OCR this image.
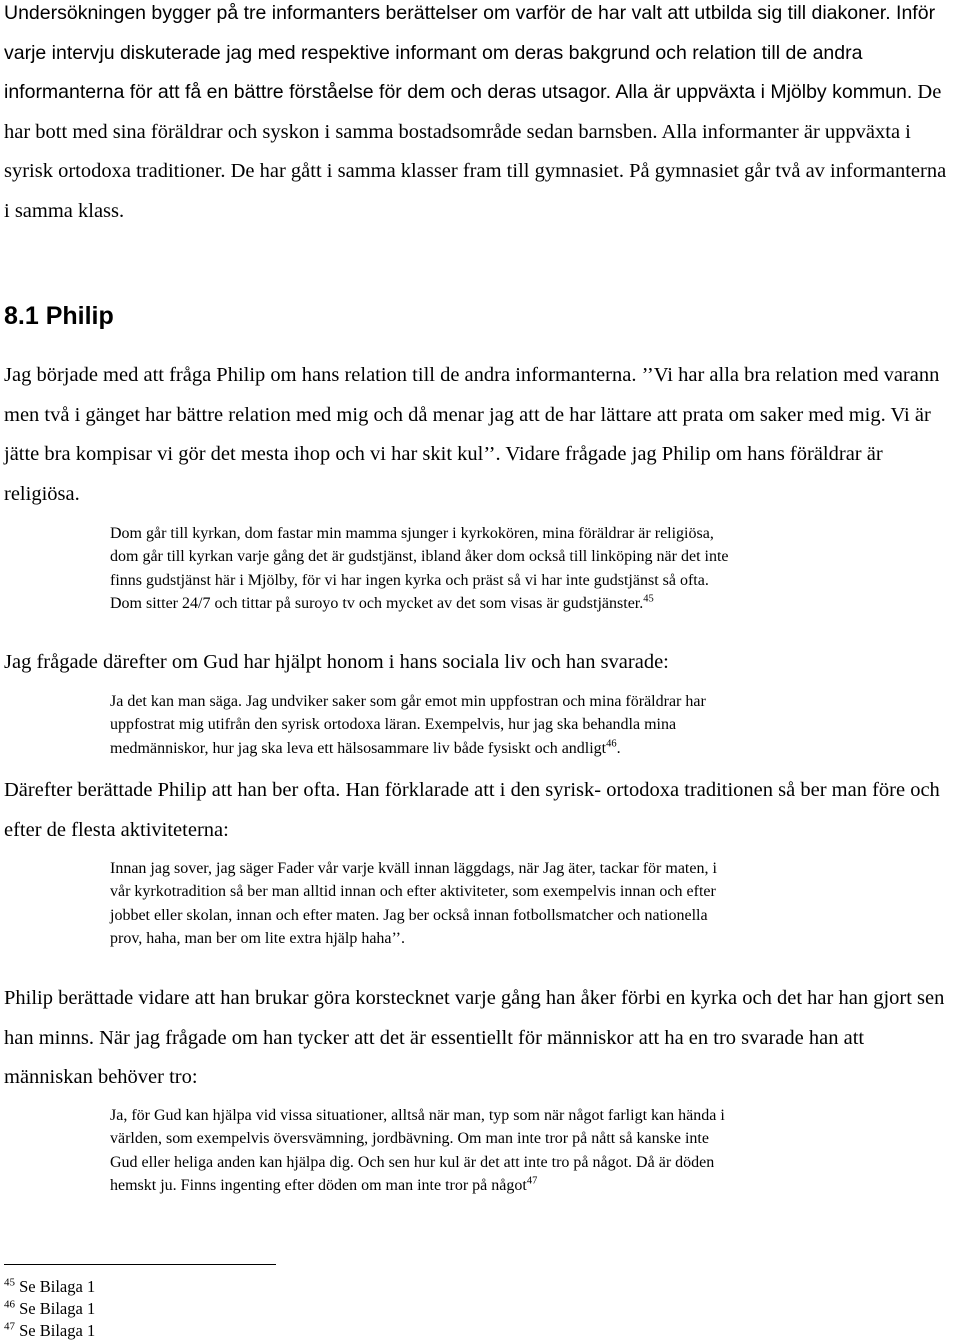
Undersökningen bygger på tre informanters berättelser om varför de har valt att utbilda sig till diakoner. Inför varje intervju diskuterade jag med respektive informant om deras bakgrund och relation till de andra informanterna för att få en bättre förståelse för dem och deras utsagor. Alla är uppväxta i Mjölby kommun. De har bott med sina föräldrar och syskon i samma bostadsområde sedan barnsben. Alla informanter är uppväxta i syrisk ortodoxa traditioner. De har gått i samma klasser fram till gymnasiet. På gymnasiet går två av informanterna i samma klass.

8.1 Philip

Jag började med att fråga Philip om hans relation till de andra informanterna. ’’Vi har alla bra relation med varann men två i gänget har bättre relation med mig och då menar jag att de har lättare att prata om saker med mig. Vi är jätte bra kompisar vi gör det mesta ihop och vi har skit kul’’. Vidare frågade jag Philip om hans föräldrar är religiösa.

Dom går till kyrkan, dom fastar min mamma sjunger i kyrkokören, mina föräldrar är religiösa,
dom går till kyrkan varje gång det är gudstjänst, ibland åker dom också till linköping när det inte
finns gudstjänst här i Mjölby, för vi har ingen kyrka och präst så vi har inte gudstjänst så ofta.
Dom sitter 24/7 och tittar på suroyo tv och mycket av det som visas är gudstjänster.$^{45}$

Jag frågade därefter om Gud har hjälpt honom i hans sociala liv och han svarade:

Ja det kan man säga. Jag undviker saker som går emot min uppfostran och mina föräldrar har
uppfostrat mig utifrån den syrisk ortodoxa läran. Exempelvis, hur jag ska behandla mina
medmänniskor, hur jag ska leva ett hälsosammare liv både fysiskt och andligt$^{46}$.

Därefter berättade Philip att han ber ofta. Han förklarade att i den syrisk- ortodoxa traditionen så ber man före och efter de flesta aktiviteterna:

Innan jag sover, jag säger Fader vår varje kväll innan läggdags, när Jag äter, tackar för maten, i
vår kyrkotradition så ber man alltid innan och efter aktiviteter, som exempelvis innan och efter
jobbet eller skolan, innan och efter maten. Jag ber också innan fotbollsmatcher och nationella
prov, haha, man ber om lite extra hjälp haha’’.

Philip berättade vidare att han brukar göra korstecknet varje gång han åker förbi en kyrka och det har han gjort sen han minns. När jag frågade om han tycker att det är essentiellt för människor att ha en tro svarade han att människan behöver tro:

Ja, för Gud kan hjälpa vid vissa situationer, alltså när man, typ som när något farligt kan hända i
världen, som exempelvis översvämning, jordbävning. Om man inte tror på nått så kanske inte
Gud eller heliga anden kan hjälpa dig. Och sen hur kul är det att inte tro på något. Då är döden
hemskt ju. Finns ingenting efter döden om man inte tror på något$^{47}$

$^{45}$ Se Bilaga 1

$^{46}$ Se Bilaga 1

$^{47}$ Se Bilaga 1
